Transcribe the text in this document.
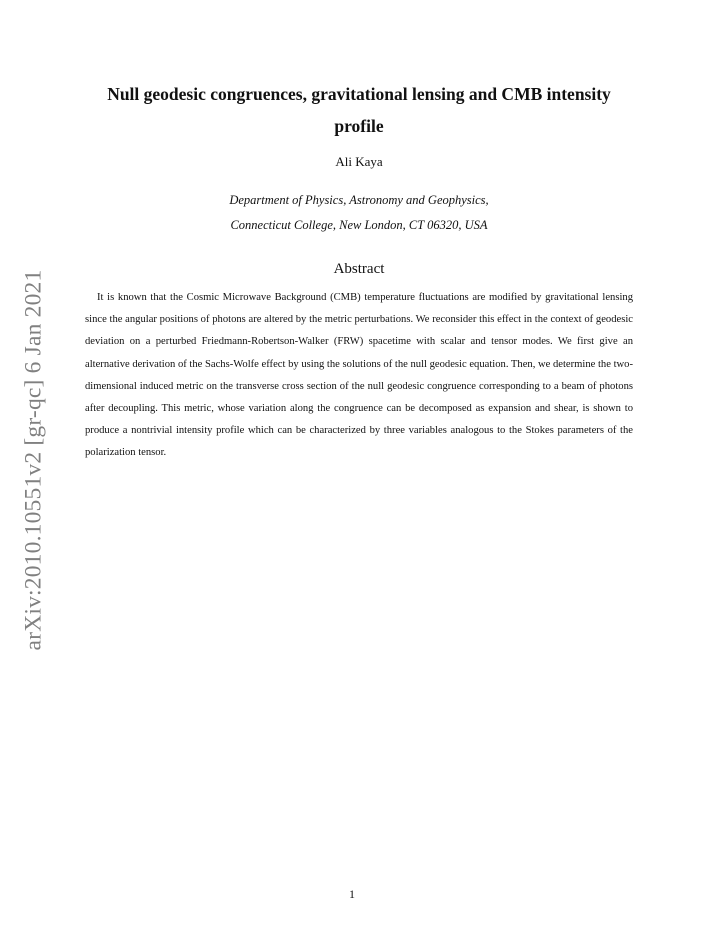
arXiv:2010.10551v2 [gr-qc] 6 Jan 2021
Null geodesic congruences, gravitational lensing and CMB intensity profile
Ali Kaya
Department of Physics, Astronomy and Geophysics,
Connecticut College, New London, CT 06320, USA
Abstract
It is known that the Cosmic Microwave Background (CMB) temperature fluctuations are modified by gravitational lensing since the angular positions of photons are altered by the metric perturbations. We reconsider this effect in the context of geodesic deviation on a perturbed Friedmann-Robertson-Walker (FRW) spacetime with scalar and tensor modes. We first give an alternative derivation of the Sachs-Wolfe effect by using the solutions of the null geodesic equation. Then, we determine the two-dimensional induced metric on the transverse cross section of the null geodesic congruence corresponding to a beam of photons after decoupling. This metric, whose variation along the congruence can be decomposed as expansion and shear, is shown to produce a nontrivial intensity profile which can be characterized by three variables analogous to the Stokes parameters of the polarization tensor.
1
